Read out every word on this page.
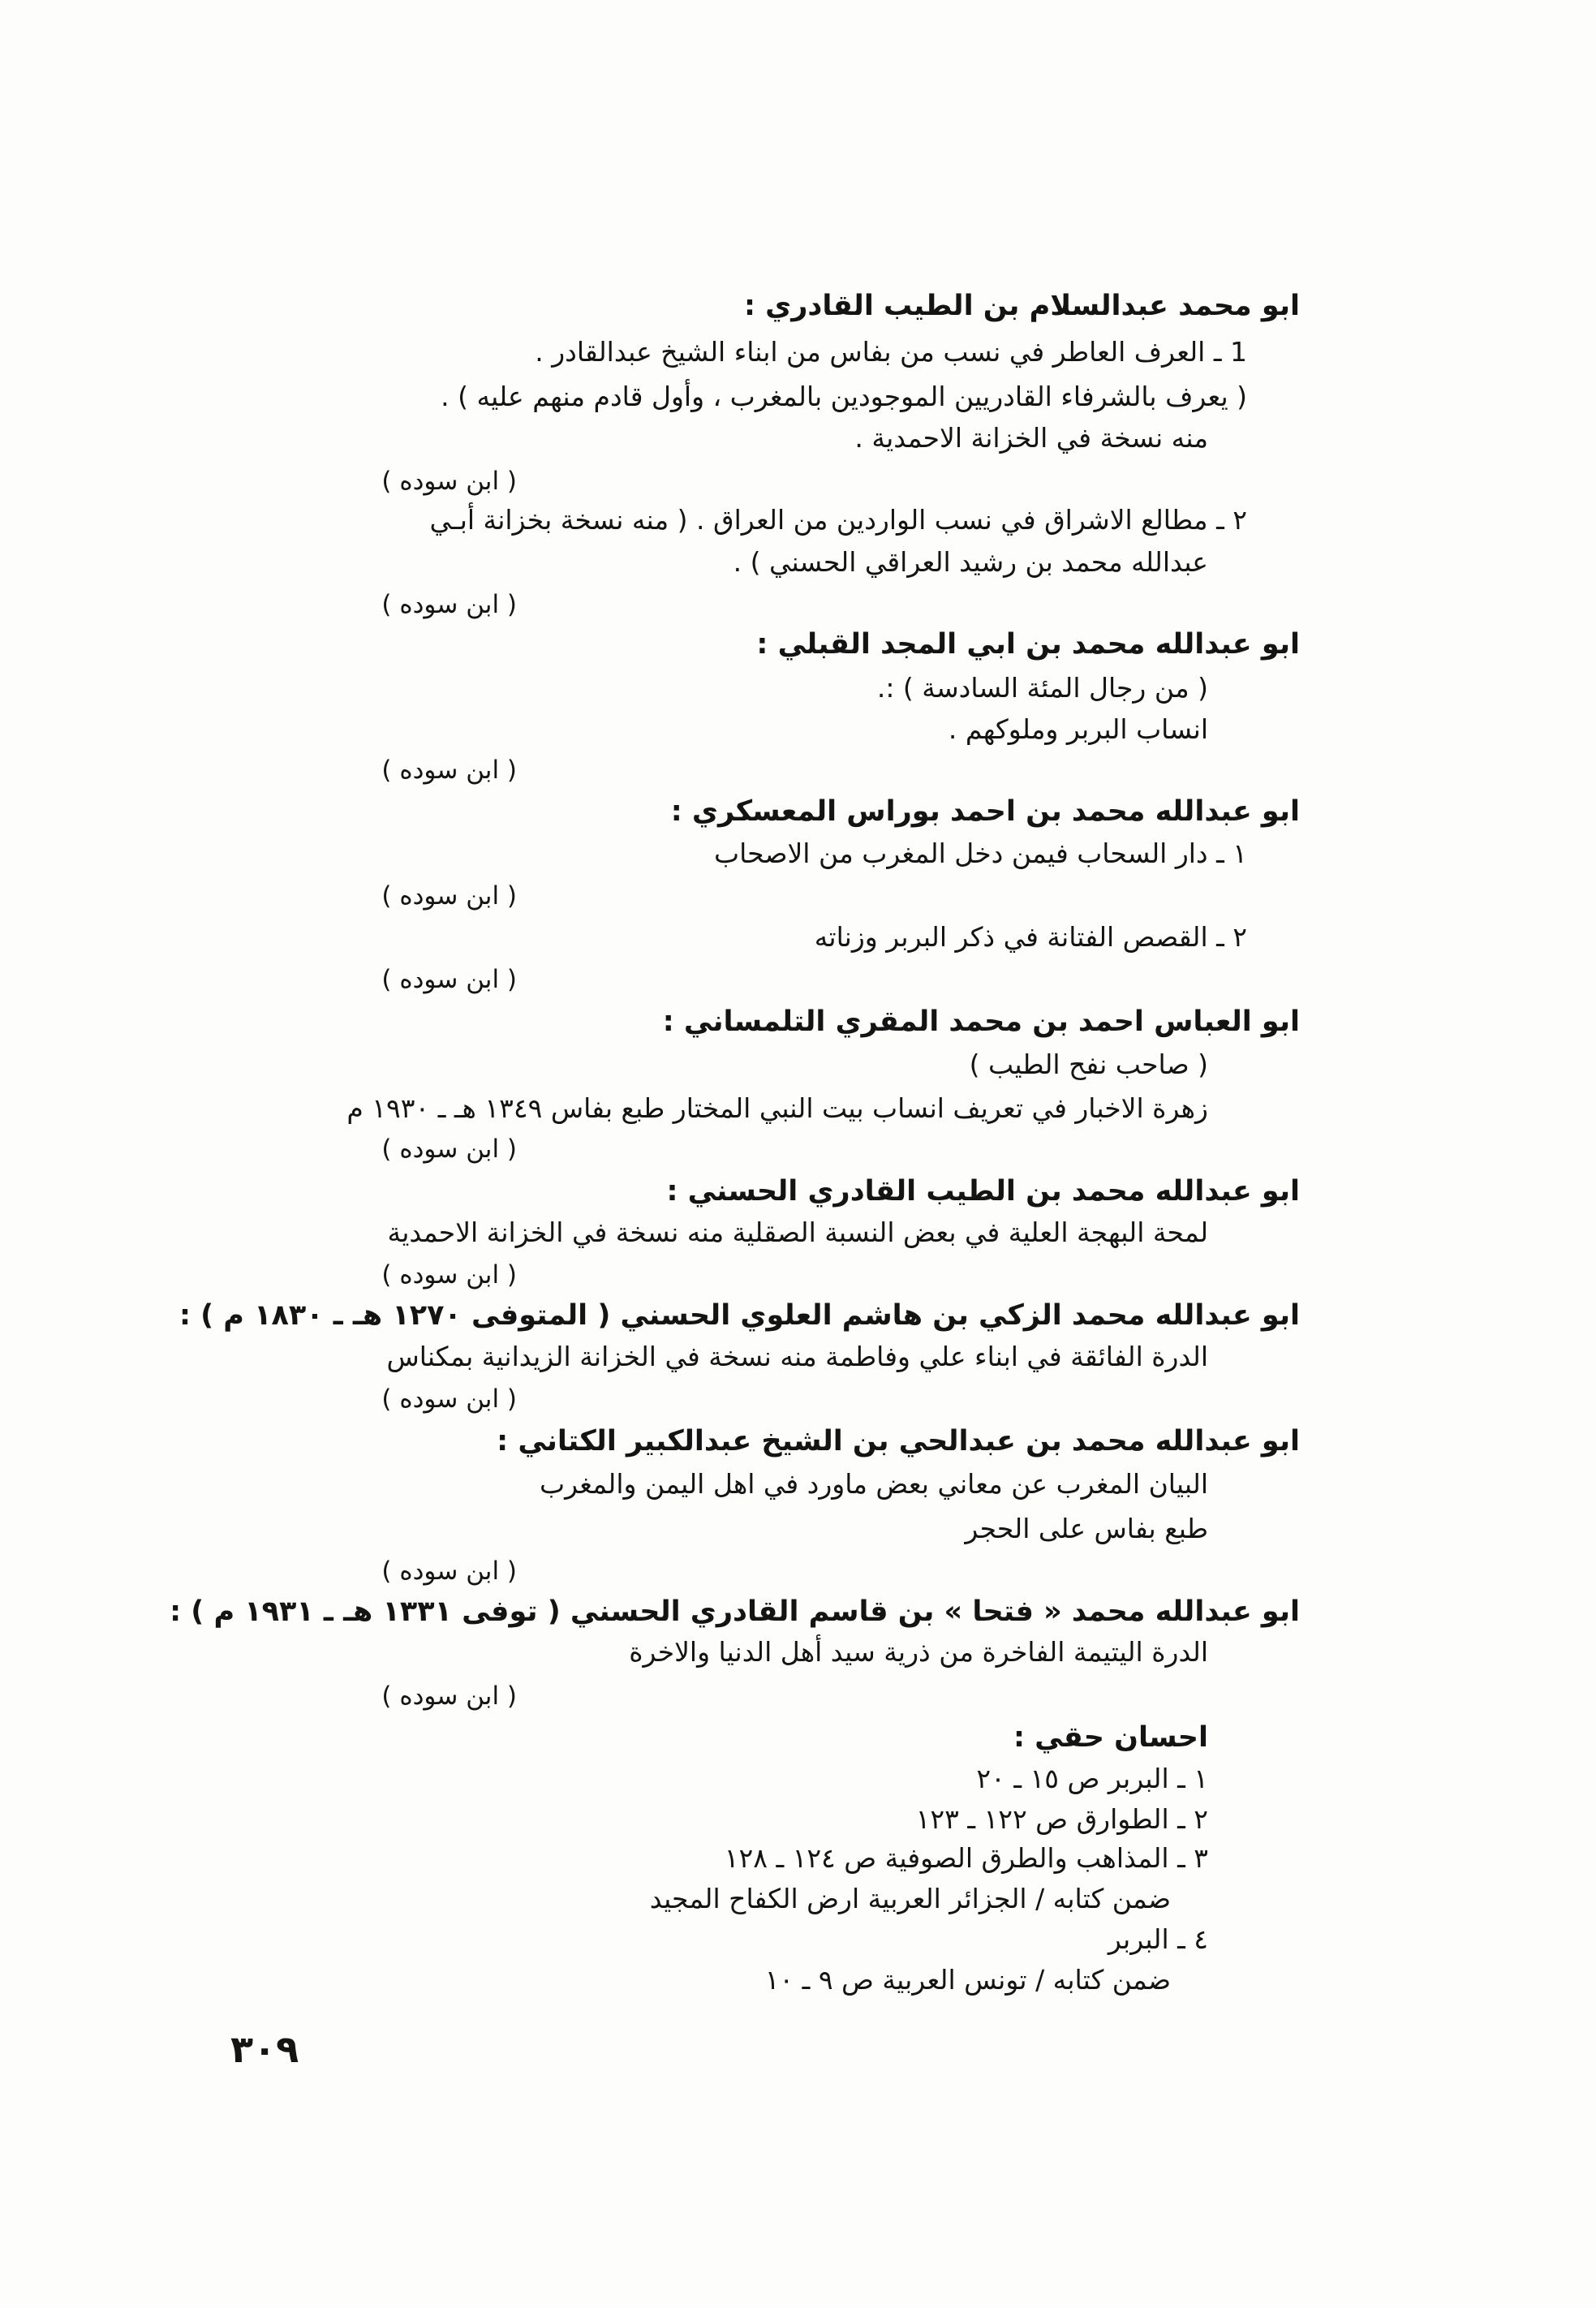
ابو محمد عبدالسلام بن الطيب القادري :
1 ـ العرف العاطر في نسب من بفاس من ابناء الشيخ عبدالقادر .
( يعرف بالشرفاء القادريين الموجودين بالمغرب ، وأول قادم منهم عليه ) .
منه نسخة في الخزانة الاحمدية .
( ابن سوده )
٢ ـ مطالع الاشراق في نسب الواردين من العراق . ( منه نسخة بخزانة أبـي
عبدالله محمد بن رشيد العراقي الحسني ) .
( ابن سوده )
ابو عبدالله محمد بن ابي المجد القبلي :
( من رجال المئة السادسة ) :.
انساب البربر وملوكهم .
( ابن سوده )
ابو عبدالله محمد بن احمد بوراس المعسكري :
١ ـ دار السحاب فيمن دخل المغرب من الاصحاب
( ابن سوده )
٢ ـ القصص الفتانة في ذكر البربر وزناته
( ابن سوده )
ابو العباس احمد بن محمد المقري التلمساني :
( صاحب نفح الطيب )
زهرة الاخبار في تعريف انساب بيت النبي المختار طبع بفاس ١٣٤٩ هـ ـ ١٩٣٠ م
( ابن سوده )
ابو عبدالله محمد بن الطيب القادري الحسني :
لمحة البهجة العلية في بعض النسبة الصقلية منه نسخة في الخزانة الاحمدية
( ابن سوده )
ابو عبدالله محمد الزكي بن هاشم العلوي الحسني ( المتوفى ١٢٧٠ هـ ـ ١٨٣٠ م ) :
الدرة الفائقة في ابناء علي وفاطمة منه نسخة في الخزانة الزيدانية بمكناس
( ابن سوده )
ابو عبدالله محمد بن عبدالحي بن الشيخ عبدالكبير الكتاني :
البيان المغرب عن معاني بعض ماورد في اهل اليمن والمغرب
طبع بفاس على الحجر
( ابن سوده )
ابو عبدالله محمد « فتحا » بن قاسم القادري الحسني ( توفى ١٣٣١ هـ ـ ١٩٣١ م ) :
الدرة اليتيمة الفاخرة من ذرية سيد أهل الدنيا والاخرة
( ابن سوده )
احسان حقي :
١ ـ البربر ص ١٥ ـ ٢٠
٢ ـ الطوارق ص ١٢٢ ـ ١٢٣
٣ ـ المذاهب والطرق الصوفية ص ١٢٤ ـ ١٢٨
ضمن كتابه / الجزائر العربية ارض الكفاح المجيد
٤ ـ البربر
ضمن كتابه / تونس العربية ص ٩ ـ ١٠
٣٠٩
